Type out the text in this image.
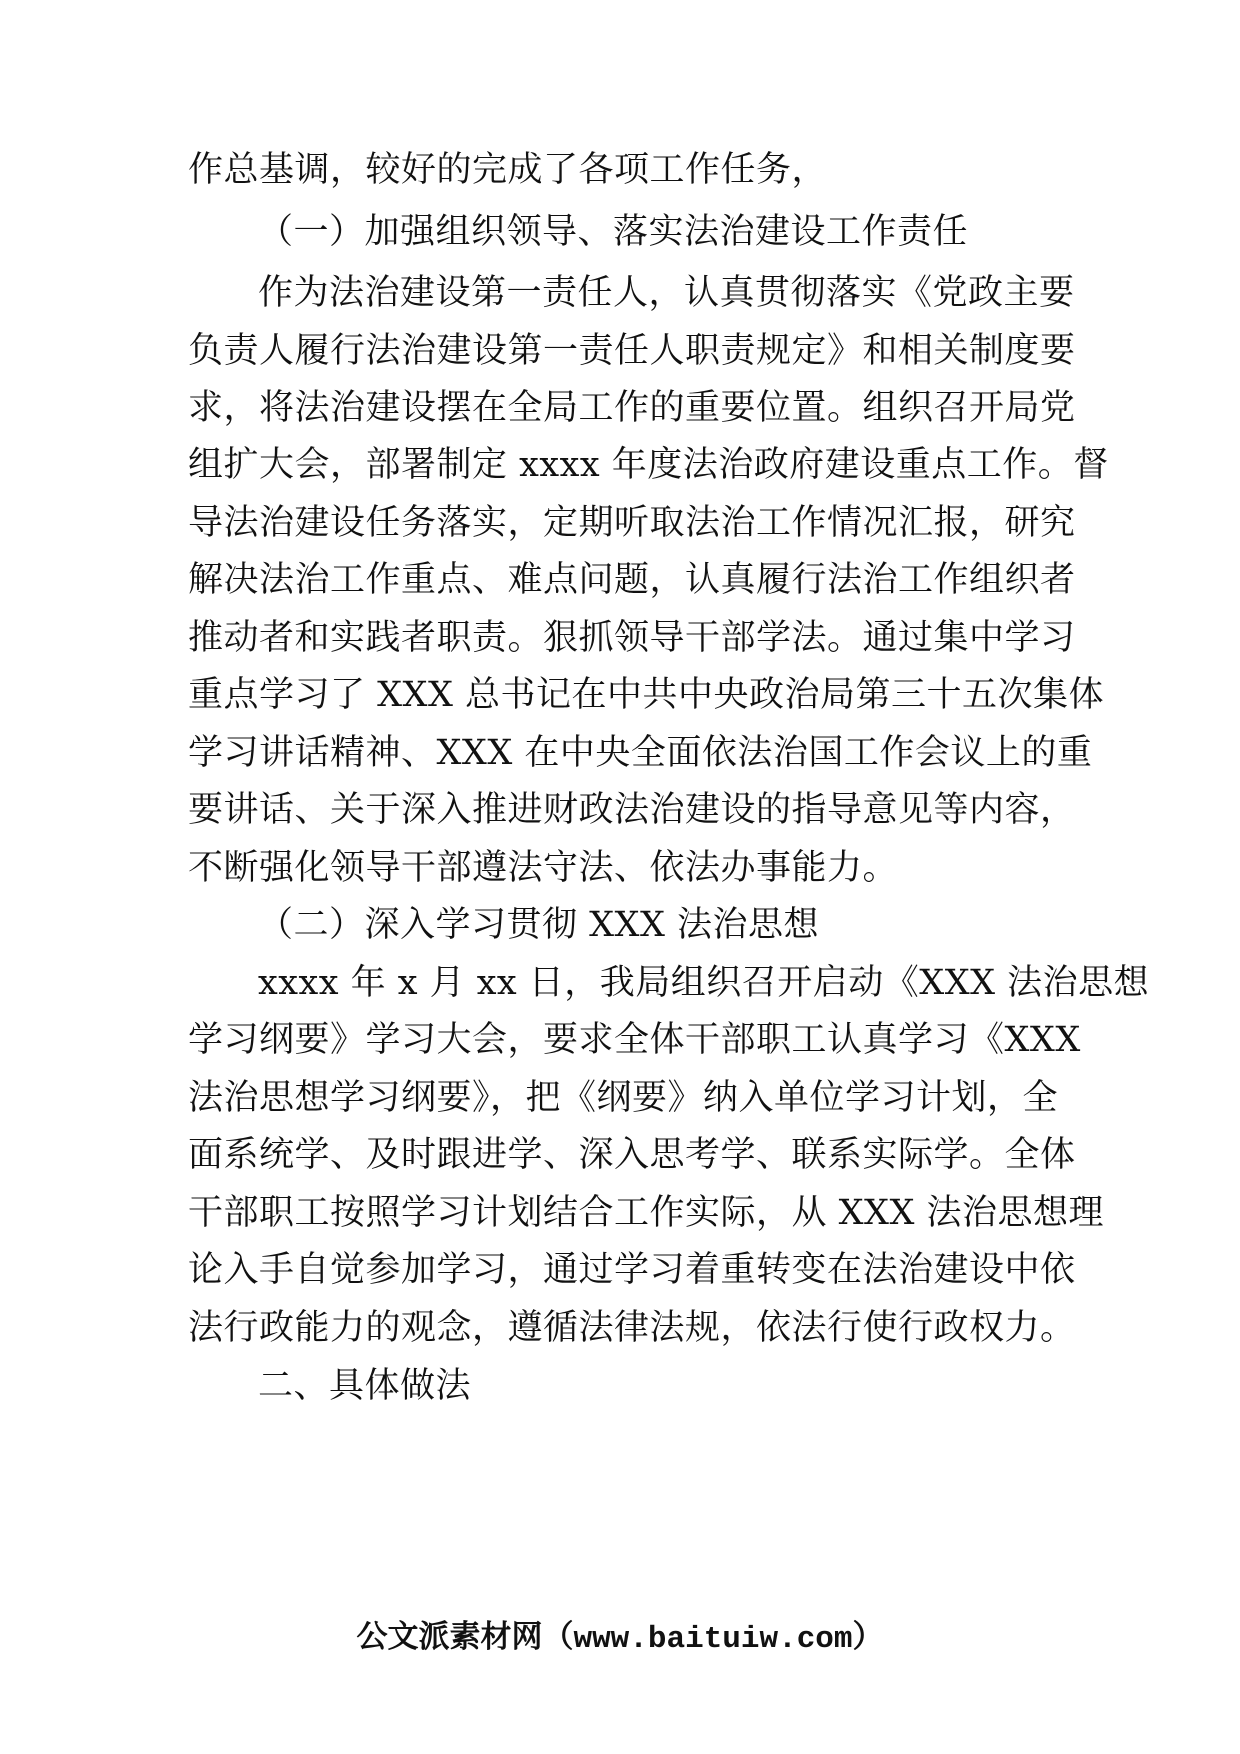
作总基调，较好的完成了各项工作任务，
（一）加强组织领导、落实法治建设工作责任
作为法治建设第一责任人，认真贯彻落实《党政主要
负责人履行法治建设第一责任人职责规定》和相关制度要
求，将法治建设摆在全局工作的重要位置。组织召开局党
组扩大会，部署制定 xxxx 年度法治政府建设重点工作。督
导法治建设任务落实，定期听取法治工作情况汇报，研究
解决法治工作重点、难点问题，认真履行法治工作组织者
推动者和实践者职责。狠抓领导干部学法。通过集中学习
重点学习了 XXX 总书记在中共中央政治局第三十五次集体
学习讲话精神、XXX 在中央全面依法治国工作会议上的重
要讲话、关于深入推进财政法治建设的指导意见等内容，
不断强化领导干部遵法守法、依法办事能力。
（二）深入学习贯彻 XXX 法治思想
xxxx 年 x 月 xx 日，我局组织召开启动《XXX 法治思想
学习纲要》学习大会，要求全体干部职工认真学习《XXX
法治思想学习纲要》，把《纲要》纳入单位学习计划，全
面系统学、及时跟进学、深入思考学、联系实际学。全体
干部职工按照学习计划结合工作实际，从 XXX 法治思想理
论入手自觉参加学习，通过学习着重转变在法治建设中依
法行政能力的观念，遵循法律法规，依法行使行政权力。
二、具体做法
公文派素材网（www.baituiw.com）
